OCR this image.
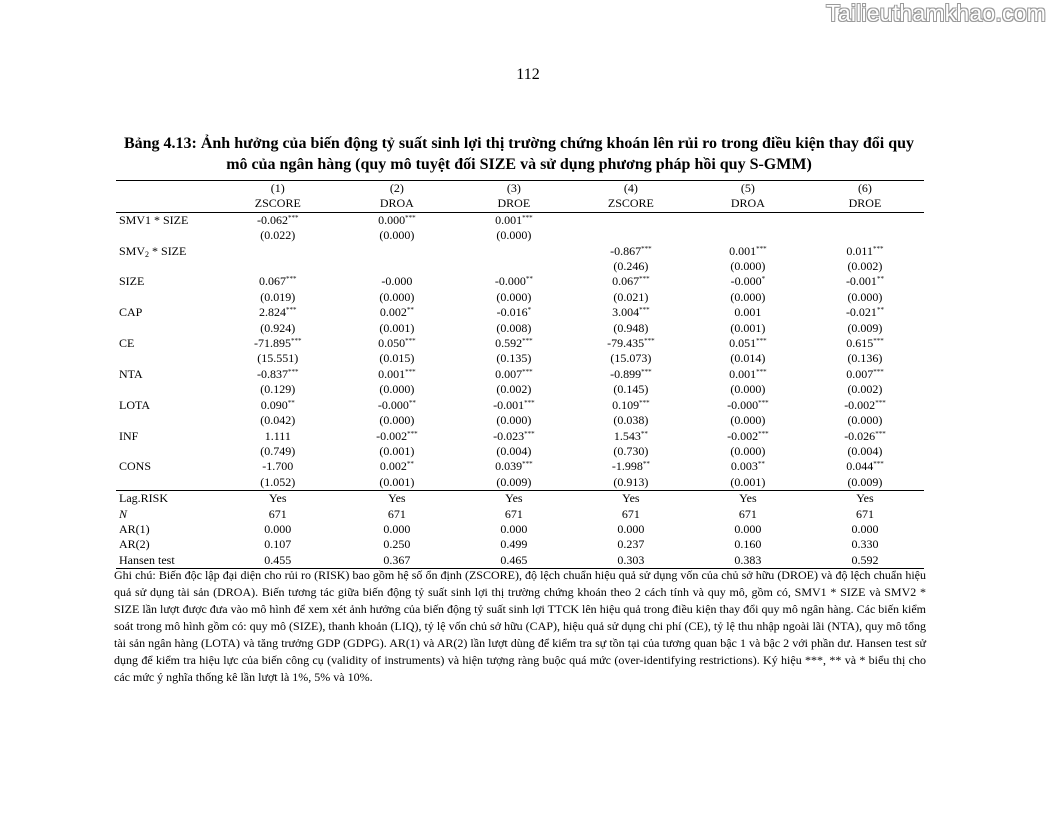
Tailieuthamkhao.com
112
Bảng 4.13: Ảnh hưởng của biến động tỷ suất sinh lợi thị trường chứng khoán lên rủi ro trong điều kiện thay đổi quy mô của ngân hàng (quy mô tuyệt đối SIZE và sử dụng phương pháp hồi quy S-GMM)
	(1)	(2)	(3)	(4)	(5)	(6)
	ZSCORE	DROA	DROE	ZSCORE	DROA	DROE
SMV1 * SIZE	-0.062***	0.000***	0.001***			
	(0.022)	(0.000)	(0.000)			
$SMV_2$ * SIZE				-0.867***	0.001***	0.011***
				(0.246)	(0.000)	(0.002)
SIZE	0.067***	-0.000	-0.000**	0.067***	-0.000*	-0.001**
	(0.019)	(0.000)	(0.000)	(0.021)	(0.000)	(0.000)
CAP	2.824***	0.002**	-0.016*	3.004***	0.001	-0.021**
	(0.924)	(0.001)	(0.008)	(0.948)	(0.001)	(0.009)
CE	-71.895***	0.050***	0.592***	-79.435***	0.051***	0.615***
	(15.551)	(0.015)	(0.135)	(15.073)	(0.014)	(0.136)
NTA	-0.837***	0.001***	0.007***	-0.899***	0.001***	0.007***
	(0.129)	(0.000)	(0.002)	(0.145)	(0.000)	(0.002)
LOTA	0.090**	-0.000**	-0.001***	0.109***	-0.000***	-0.002***
	(0.042)	(0.000)	(0.000)	(0.038)	(0.000)	(0.000)
INF	1.111	-0.002***	-0.023***	1.543**	-0.002***	-0.026***
	(0.749)	(0.001)	(0.004)	(0.730)	(0.000)	(0.004)
CONS	-1.700	0.002**	0.039***	-1.998**	0.003**	0.044***
	(1.052)	(0.001)	(0.009)	(0.913)	(0.001)	(0.009)
Lag.RISK	Yes	Yes	Yes	Yes	Yes	Yes
N	671	671	671	671	671	671
AR(1)	0.000	0.000	0.000	0.000	0.000	0.000
AR(2)	0.107	0.250	0.499	0.237	0.160	0.330
Hansen test	0.455	0.367	0.465	0.303	0.383	0.592
Ghi chú: Biến độc lập đại diện cho rủi ro (RISK) bao gồm hệ số ổn định (ZSCORE), độ lệch chuẩn hiệu quả sử dụng vốn của chủ sở hữu (DROE) và độ lệch chuẩn hiệu quả sử dụng tài sản (DROA). Biến tương tác giữa biến động tỷ suất sinh lợi thị trường chứng khoán theo 2 cách tính và quy mô, gồm có, SMV1 * SIZE và SMV2 * SIZE lần lượt được đưa vào mô hình để xem xét ảnh hưởng của biến động tỷ suất sinh lợi TTCK lên hiệu quả trong điều kiện thay đổi quy mô ngân hàng. Các biến kiểm soát trong mô hình gồm có: quy mô (SIZE), thanh khoản (LIQ), tỷ lệ vốn chủ sở hữu (CAP), hiệu quả sử dụng chi phí (CE), tỷ lệ thu nhập ngoài lãi (NTA), quy mô tổng tài sản ngân hàng (LOTA) và tăng trưởng GDP (GDPG). AR(1) và AR(2) lần lượt dùng để kiểm tra sự tồn tại của tương quan bậc 1 và bậc 2 với phần dư. Hansen test sử dụng để kiểm tra hiệu lực của biến công cụ (validity of instruments) và hiện tượng ràng buộc quá mức (over-identifying restrictions). Ký hiệu ***, ** và * biểu thị cho các mức ý nghĩa thống kê lần lượt là 1%, 5% và 10%.
